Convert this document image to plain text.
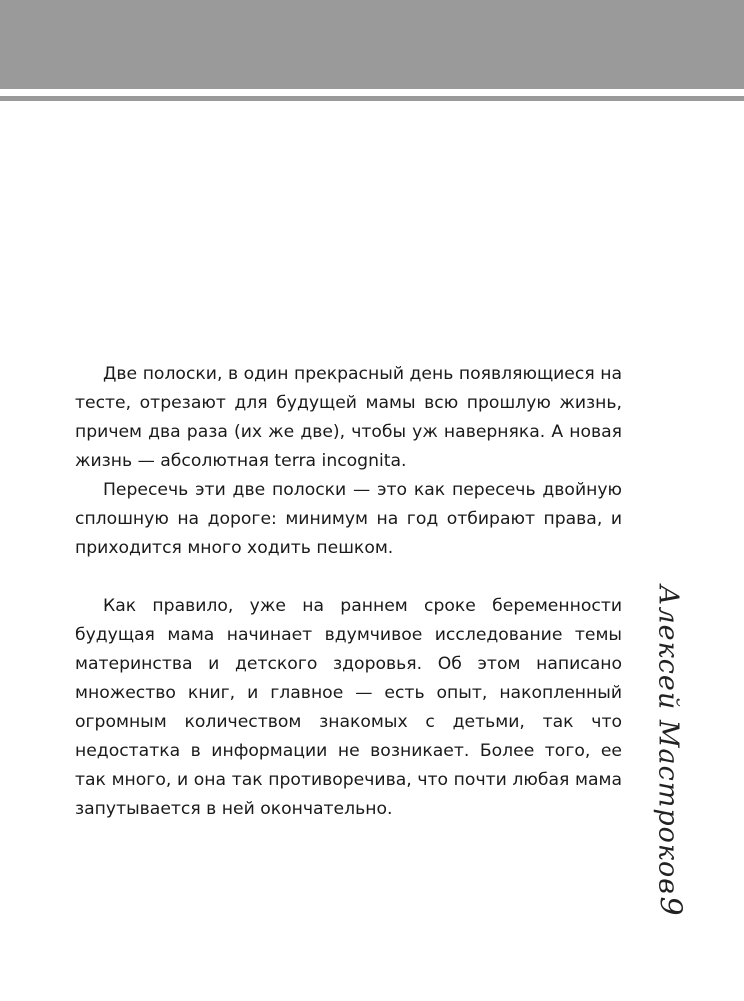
Две полоски, в один прекрасный день появляющиеся на тесте, отрезают для будущей мамы всю прошлую жизнь, причем два раза (их же две), чтобы уж наверняка. А новая жизнь — абсолютная terra incognita.

Пересечь эти две полоски — это как пересечь двойную сплошную на дороге: минимум на год отбирают права, и приходится много ходить пешком.

Как правило, уже на раннем сроке беременности будущая мама начинает вдумчивое исследование темы материнства и детского здоровья. Об этом написано множество книг, и главное — есть опыт, накопленный огромным количеством знакомых с детьми, так что недостатка в информации не возникает. Более того, ее так много, и она так противоречива, что почти любая мама запутывается в ней окончательно.	Алексей Мастроков
9
